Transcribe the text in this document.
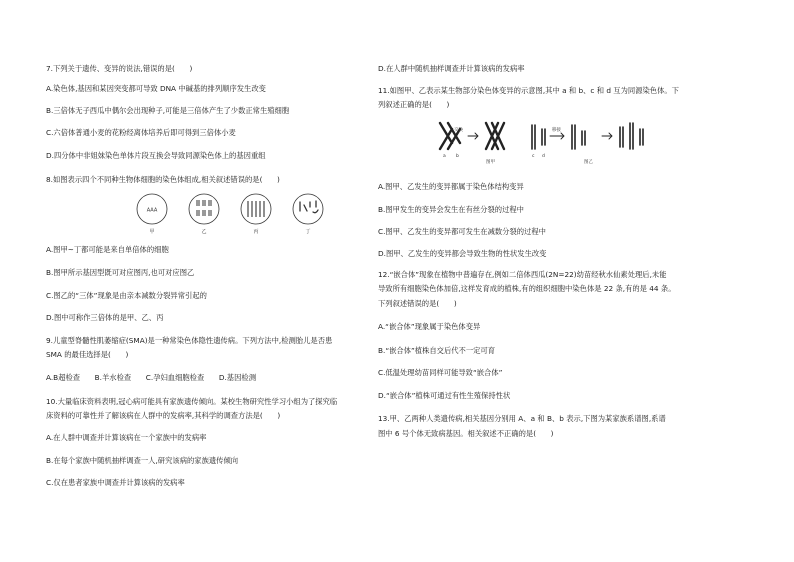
7.下列关于遗传、变异的说法,错误的是(　　)
A.染色体,基因和某因突变都可导致 DNA 中碱基的排列顺序发生改变
B.三倍体无子西瓜中偶尔会出现种子,可能是三倍体产生了少数正常生殖细胞
C.六倍体普通小麦的花粉经离体培养后即可得到三倍体小麦
D.四分体中非姐妹染色单体片段互换会导致同源染色体上的基因重组
8.如图表示四个不同种生物体细胞的染色体组成,相关叙述错误的是(　　)
AAA
甲	乙	丙	丁
A.图甲~丁都可能是来自单倍体的细胞
B.图甲所示基因型既可对应图丙,也可对应图乙
C.图乙的“三体”现象是由亲本减数分裂异常引起的
D.图中可称作三倍体的是甲、乙、丙
9.儿童型脊髓性肌萎缩症(SMA)是一种常染色体隐性遗传病。下列方法中,检测胎儿是否患
SMA 的最佳选择是(　　)
A.B超检查　　B.羊水检查　　C.孕妇血细胞检查　　D.基因检测
10.大量临床资料表明,冠心病可能具有家族遗传倾向。某校生物研究性学习小组为了探究临
床资料的可靠性并了解该病在人群中的发病率,其科学的调查方法是(　　)
A.在人群中调查并计算该病在一个家族中的发病率
B.在每个家族中随机抽样调查一人,研究该病的家族遗传倾向
C.仅在患者家族中调查并计算该病的发病率
D.在人群中随机抽样调查并计算该病的发病率
11.如图甲、乙表示某生物部分染色体变异的示意图,其中 a 和 b、c 和 d 互为同源染色体。下
列叙述正确的是(　　)
交换
a b
图甲
移接
c d
图乙
A.图甲、乙发生的变异都属于染色体结构变异
B.图甲发生的变异会发生在有丝分裂的过程中
C.图甲、乙发生的变异都可发生在减数分裂的过程中
D.图甲、乙发生的变异都会导致生物的性状发生改变
12.“嵌合体”现象在植物中普遍存在,例如二倍体西瓜(2N=22)幼苗经秋水仙素处理后,未能
导致所有细胞染色体加倍,这样发育成的植株,有的组织细胞中染色体是 22 条,有的是 44 条。
下列叙述错误的是(　　)
A.“嵌合体”现象属于染色体变异
B.“嵌合体”植株自交后代不一定可育
C.低温处理幼苗同样可能导致“嵌合体”
D.“嵌合体”植株可通过有性生殖保持性状
13.甲、乙两种人类遗传病,相关基因分别用 A、a 和 B、b 表示,下图为某家族系谱图,系谱
图中 6 号个体无致病基因。相关叙述不正确的是(　　)
